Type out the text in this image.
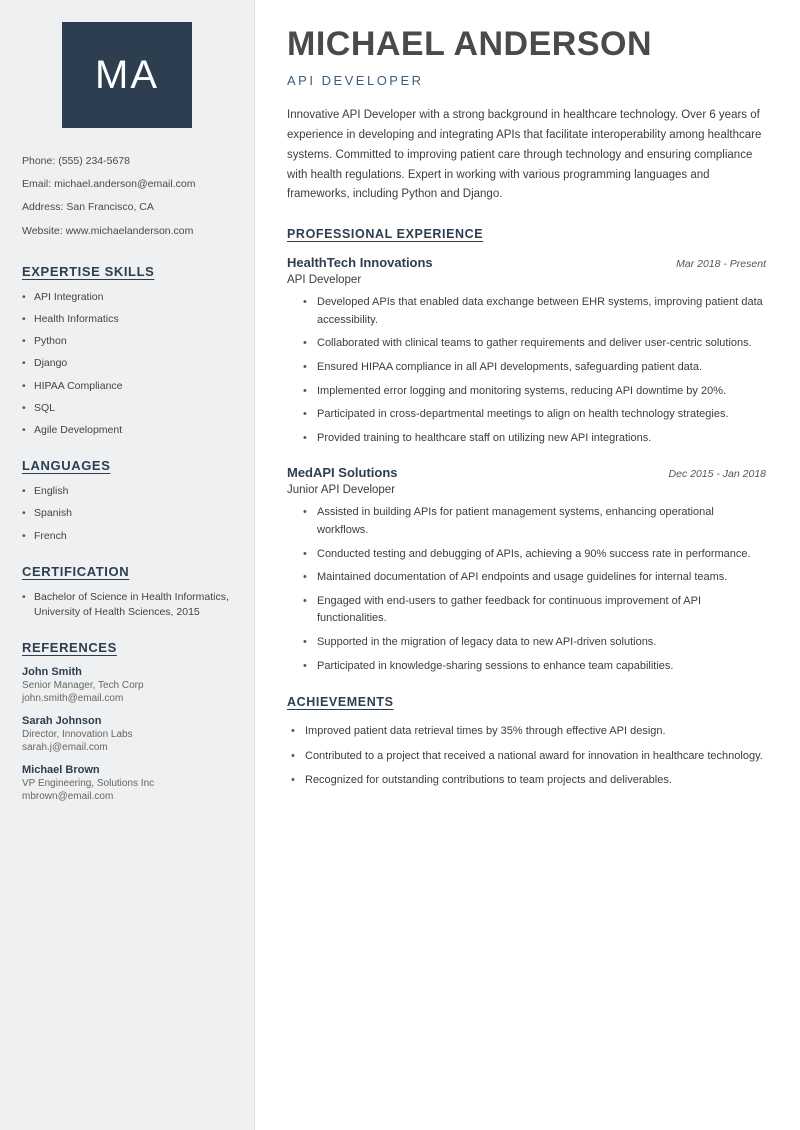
MA
Phone: (555) 234-5678
Email: michael.anderson@email.com
Address: San Francisco, CA
Website: www.michaelanderson.com
EXPERTISE SKILLS
• API Integration
• Health Informatics
• Python
• Django
• HIPAA Compliance
• SQL
• Agile Development
LANGUAGES
• English
• Spanish
• French
CERTIFICATION
• Bachelor of Science in Health Informatics, University of Health Sciences, 2015
REFERENCES
John Smith
Senior Manager, Tech Corp
john.smith@email.com
Sarah Johnson
Director, Innovation Labs
sarah.j@email.com
Michael Brown
VP Engineering, Solutions Inc
mbrown@email.com
MICHAEL ANDERSON
API DEVELOPER

Innovative API Developer with a strong background in healthcare technology. Over 6 years of experience in developing and integrating APIs that facilitate interoperability among healthcare systems. Committed to improving patient care through technology and ensuring compliance with health regulations. Expert in working with various programming languages and frameworks, including Python and Django.

PROFESSIONAL EXPERIENCE
HealthTech Innovations	Mar 2018 - Present
API Developer
• Developed APIs that enabled data exchange between EHR systems, improving patient data accessibility.
• Collaborated with clinical teams to gather requirements and deliver user-centric solutions.
• Ensured HIPAA compliance in all API developments, safeguarding patient data.
• Implemented error logging and monitoring systems, reducing API downtime by 20%.
• Participated in cross-departmental meetings to align on health technology strategies.
• Provided training to healthcare staff on utilizing new API integrations.
MedAPI Solutions	Dec 2015 - Jan 2018
Junior API Developer
• Assisted in building APIs for patient management systems, enhancing operational workflows.
• Conducted testing and debugging of APIs, achieving a 90% success rate in performance.
• Maintained documentation of API endpoints and usage guidelines for internal teams.
• Engaged with end-users to gather feedback for continuous improvement of API functionalities.
• Supported in the migration of legacy data to new API-driven solutions.
• Participated in knowledge-sharing sessions to enhance team capabilities.
ACHIEVEMENTS
• Improved patient data retrieval times by 35% through effective API design.
• Contributed to a project that received a national award for innovation in healthcare technology.
• Recognized for outstanding contributions to team projects and deliverables.
